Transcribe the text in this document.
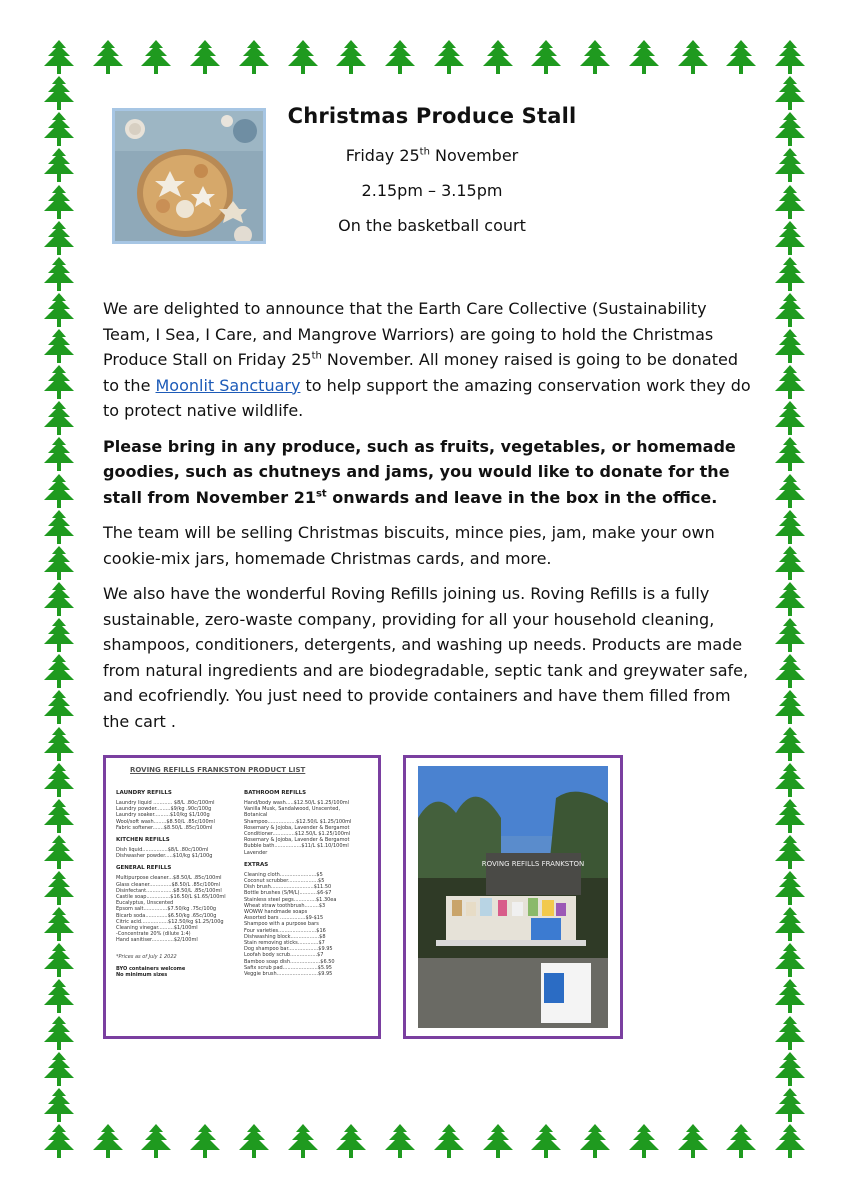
Christmas Produce Stall
Friday 25th November
2.15pm – 3.15pm
On the basketball court

We are delighted to announce that the Earth Care Collective (Sustainability Team, I Sea, I Care, and Mangrove Warriors) are going to hold the Christmas Produce Stall on Friday 25th November. All money raised is going to be donated to the Moonlit Sanctuary to help support the amazing conservation work they do to protect native wildlife.

Please bring in any produce, such as fruits, vegetables, or homemade goodies, such as chutneys and jams, you would like to donate for the stall from November 21st onwards and leave in the box in the office.

The team will be selling Christmas biscuits, mince pies, jam, make your own cookie-mix jars, homemade Christmas cards, and more.

We also have the wonderful Roving Refills joining us. Roving Refills is a fully sustainable, zero-waste company, providing for all your household cleaning, shampoos, conditioners, detergents, and washing up needs. Products are made from natural ingredients and are biodegradable, septic tank and greywater safe, and ecofriendly. You just need to provide containers and have them filled from the cart .

ROVING REFILLS FRANKSTON PRODUCT LIST
LAUNDRY REFILLS
Laundry liquid ............ $8/L .80c/100ml
Laundry powder.........$9/kg .90c/100g
Laundry soaker..........$10/kg $1/100g
Wool/soft wash........$8.50/L .85c/100ml
Fabric softener.......$8.50/L .85c/100ml
KITCHEN REFILLS
Dish liquid................$8/L .80c/100ml
Dishwasher powder.....$10/kg $1/100g
GENERAL REFILLS
Multipurpose cleaner...$8.50/L .85c/100ml
Glass cleaner..............$8.50/L .85c/100ml
Disinfectant.................$8.50/L .85c/100ml
Castile soap...............$16.50/L $1.65/100ml
Eucalyptus, Unscented
Epsom salt...............$7.50/kg .75c/100g
Bicarb soda..............$6.50/kg .65c/100g
Citric acid.................$12.50/kg $1.25/100g
Cleaning vinegar..........$1/100ml
-Concentrate 20% (dilute 1:4)
Hand sanitiser..............$2/100ml
*Prices as of July 1 2022
BYO containers welcome
No minimum sizes
BATHROOM REFILLS
Hand/body wash.....$12.50/L $1.25/100ml
Vanilla Musk, Sandalwood, Unscented,
Botanical
Shampoo..................$12.50/L $1.25/100ml
Rosemary & Jojoba, Lavender & Bergamot
Conditioner..............$12.50/L $1.25/100ml
Rosemary & Jojoba, Lavender & Bergamot
Bubble bath.................$11/L $1.10/100ml
Lavender
EXTRAS
Cleaning cloth.......................$5
Coconut scrubber...................$5
Dish brush...........................$11.50
Bottle brushes (S/M/L)...........$6-$7
Stainless steel pegs..............$1.30ea
Wheat straw toothbrush.........$3
WOWW handmade soaps
Assorted bars ................$9-$15
Shampoo with a purpose bars
Four varieties........................$16
Dishwashing block..................$8
Stain removing sticks.............$7
Dog shampoo bar...................$9.95
Loofah body scrub.................$7
Bamboo soap dish...................$6.50
Safix scrub pad......................$5.95
Veggie brush..........................$9.95
ROVING REFILLS FRANKSTON
